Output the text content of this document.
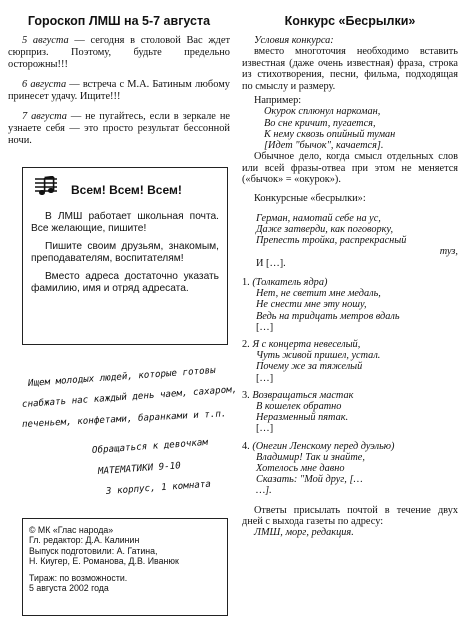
Гороскоп ЛМШ на 5-7 августа

5 августа — сегодня в столовой Вас ждет сюрприз. Поэтому, будьте предельно осторожны!!!

6 августа — встреча с М.А. Батиным любому принесет удачу. Ищите!!!

7 августа — не пугайтесь, если в зеркале не узнаете себя — это просто результат бессонной ночи.

Всем! Всем! Всем!

В ЛМШ работает школьная почта. Все желающие, пишите!

Пишите своим друзьям, знакомым, преподавателям, воспитателям!

Вместо адреса достаточно указать фамилию, имя и отряд адресата.

Ищем молодых людей, которые готовы
снабжать нас каждый день чаем, сахаром,
печеньем, конфетами, баранками и т.п.
Обращаться к девочкам
МАТЕМАТИКИ 9-10
3 корпус, 1 комната
© МК «Глас народа»
Гл. редактор: Д.А. Калинин
Выпуск подготовили: А. Гатина,
Н. Киугер, Е. Романова, Д.В. Иванюк
Тираж: по возможности.
5 августа 2002 года
Конкурс «Бесрылки»

Условия конкурса:

вместо многоточия необходимо вставить известная (даже очень известная) фраза, строка из стихотворения, песни, фильма, подходящая по смыслу и размеру.

Например:

Окурок сплюнул наркоман,

Во сне кричит, пугается,

К нему сквозь опийный туман

[Идет "бычок", качается].

Обычное дело, когда смысл отдельных слов или всей фразы-отвеа при этом не меняется («бычок» = «окурок»).

Конкурсные «бесрылки»:

Герман, намотай себе на ус,

Даже затверди, как поговорку,

Препесть тройка, распрекрасный

туз,

И […].

1. (Толкатель ядра)

Нет, не светит мне медаль,

Не снести мне эту ношу,

Ведь на тридцать метров вдаль

[…]

2. Я с концерта невеселый,

Чуть живой пришел, устал.

Почему же за тяжелый

[…]

3. Возвращаться мастак

В кошелек обратно

Неразменный пятак.

[…]

4. (Онегин Ленскому перед дуэлью)

Владимир! Так и знайте,

Хотелось мне давно

Сказать: "Мой друг, […

…].

Ответы присылать почтой в течение двух дней с выхода газеты по адресу:

ЛМШ, морг, редакция.
